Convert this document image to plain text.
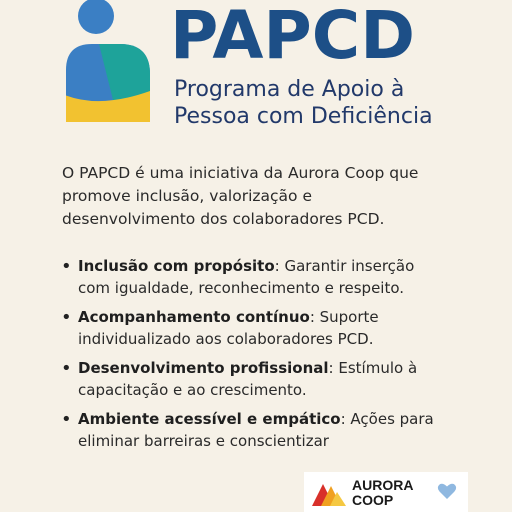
PAPCD
Programa de Apoio à
Pessoa com Deficiência
O PAPCD é uma iniciativa da Aurora Coop que
promove inclusão, valorização e
desenvolvimento dos colaboradores PCD.
• Inclusão com propósito: Garantir inserção
com igualdade, reconhecimento e respeito.
• Acompanhamento contínuo: Suporte
individualizado aos colaboradores PCD.
• Desenvolvimento profissional: Estímulo à
capacitação e ao crescimento.
• Ambiente acessível e empático: Ações para
eliminar barreiras e conscientizar
AURORA
COOP
